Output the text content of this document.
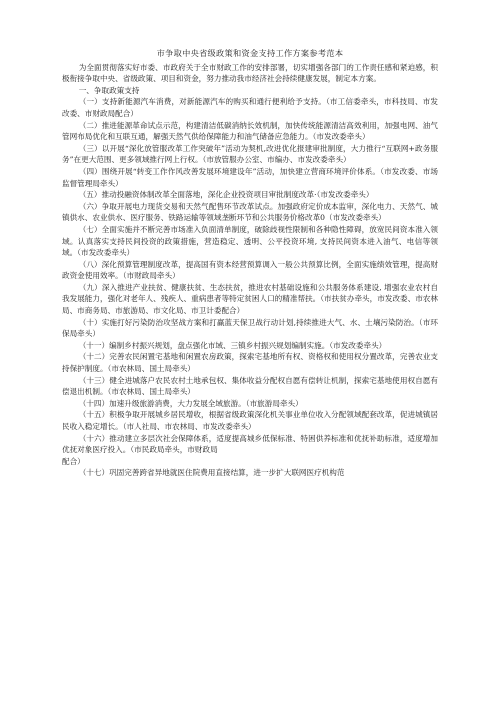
市争取中央省级政策和资金支持工作方案参考范本

为全面贯彻落实好市委、市政府关于全市财政工作的安排部署，切实增强各部门的工作责任感和紧迫感，积极衔接争取中央、省级政策、项目和资金，努力推动我市经济社会持续健康发展，制定本方案。

一、争取政策支持

（一）支持新能源汽车消费，对新能源汽车的购买和通行便利给予支持。（市工信委牵头，市科技局、市发改委、市财政局配合）

（二）推进能源革命试点示范，构建清洁低碳消纳长效机制，加快传统能源清洁高效利用，加强电网、油气管网布局优化和互联互通，解强天然气供给保障能力和油气储备应急能力。（市发改委牵头）

（三）以开展“深化放管服改革工作突破年”活动为契机,改进优化报建审批制度，大力推行“互联网+政务服务”在更大范围、更多领域推行网上行权。（市放管服办公室、市编办、市发改委牵头）

（四）围绕开展“转变工作作风改善发展环境建设年”活动，加快建立营商环境评价体系。（市发改委、市场监督管理局牵头）

（五）推动投融资体制改革全面落地，深化企业投资项目审批制度改革·（市发改委牵头）

（六）争取开展电力现货交易和天然气配售环节改革试点。加强政府定价成本监审，深化电力、天然气、城镇供水、农业供水、医疗服务、铁路运输等领域垄断环节和公共服务价格改革0（市发改委牵头）

（七）全面实施并不断完善市场准入负面清单制度，破除歧视性限制和各种隐性障碍，放宽民间资本准入领域。认真落实支持民间投资的政策措施，营造稳定、透明、公平投资环境, 支持民间资本进入油气、电信等领域。（市发改委牵头）

（八）深化预算管理制度改革，提高国有资本经营预算调入一般公共预算比例，全面实施绩效管理，提高财政资金使用效率。（市财政局牵头）

（九）深入推进产业扶贫、健康扶贫、生态扶贫，推进农村基础设施和公共服务体系建设, 增强农业农村自我发展能力，强化对老年人、残疾人、重病患者等特定贫困人口的精准帮扶。（市扶贫办牵头，市发改委、市农林局、市商务局、市旅游局、市文化局、市卫计委配合）

（十）实施打好污染防治攻坚战方案和打赢蓝天保卫战行动计划,持续推进大气、水、土壤污染防治。（市环保局牵头）

（十一）编制乡村振兴规划，盘点强化市域、三镇乡村振兴规划编制实施。（市发改委牵头）

（十二）完善农民闲置宅基地和闲置农房政策，探索宅基地所有权、资格权和使用权分置改革，完善农业支持保护制度。（市农林局、国土局牵头）

（十三）健全进城落户农民农村土地承包权、集体收益分配权自愿有偿转让机制，探索宅基地使用权自愿有偿退出机制。（市农林局、国土局牵头）

（十四）加速升级旅游消费，大力发展全域旅游。（市旅游局牵头）

（十五）积极争取开展城乡居民增收，根据省级政策深化机关事业单位收入分配领域配套改革，促进城镇居民收入稳定增长。（市人社局、市农林局、市发改委牵头）

（十六）推动建立多层次社会保障体系，适度提高城乡低保标准、特困供养标准和优抚补助标准，适度增加优抚对象医疗投入。（市民政局牵头，市财政局

配合）

（十七）巩固完善跨省异地就医住院费用直接结算，进一步扩大联网医疗机构范
